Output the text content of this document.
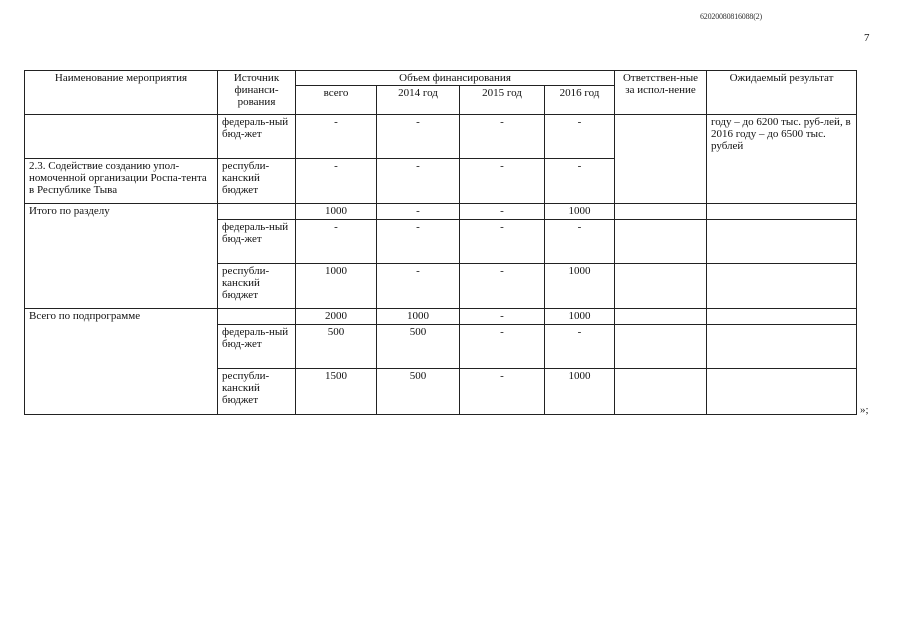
62020080816088(2)
7
Наименование мероприятия	Источник финанси-рования	Объем финансирования				Ответствен-ные за испол-нение	Ожидаемый результат
		всего	2014 год	2015 год	2016 год		
	федераль-ный бюд-жет	-	-	-	-		году – до 6200 тыс. руб-лей, в 2016 году – до 6500 тыс. рублей
2.3. Содействие созданию упол-номоченной организации Роспа-тента в Республике Тыва	республи-канский бюджет	-	-	-	-		
Итого по разделу		1000	-	-	1000		
	федераль-ный бюд-жет	-	-	-	-		
	республи-канский бюджет	1000	-	-	1000		
Всего по подпрограмме		2000	1000	-	1000		
	федераль-ный бюд-жет	500	500	-	-		
	республи-канский бюджет	1500	500	-	1000		
»;
